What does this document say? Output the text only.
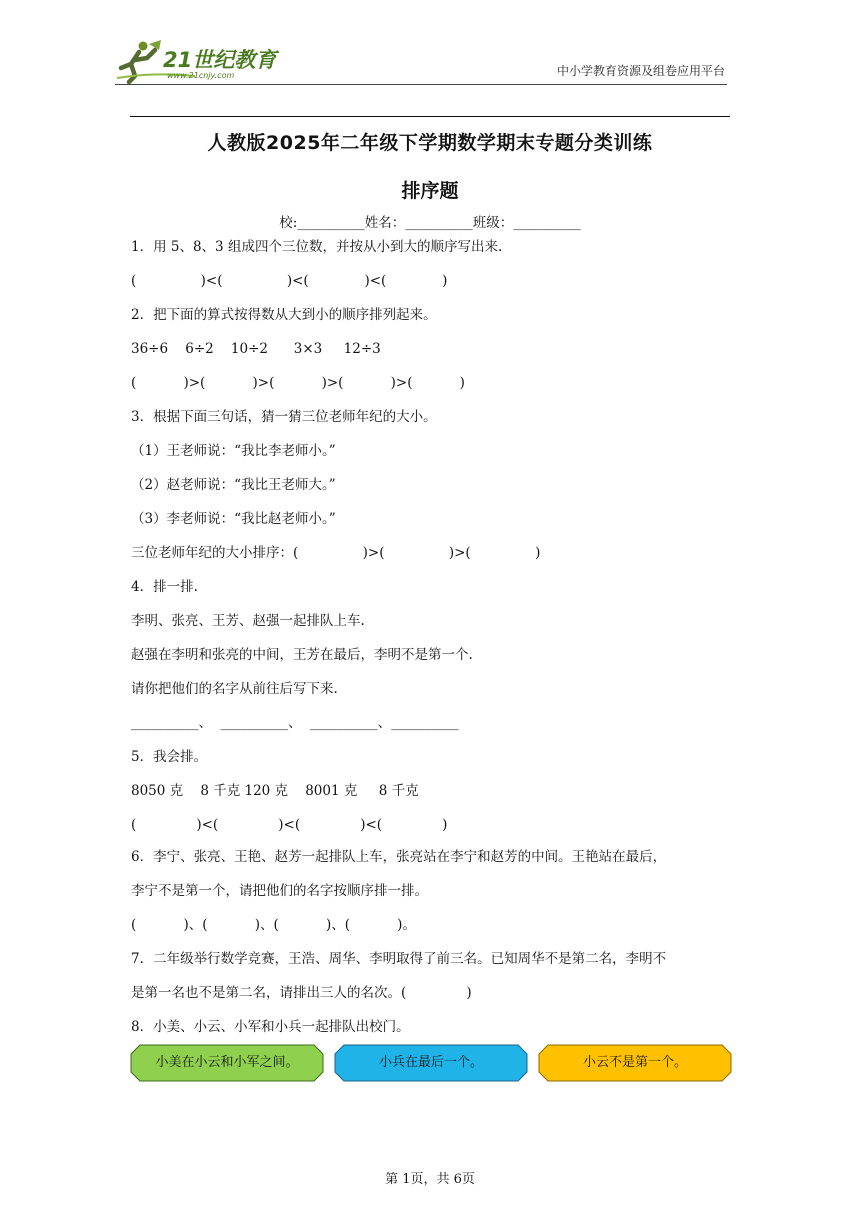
21世纪教育
www.21cnjy.com	中小学教育资源及组卷应用平台
人教版2025年二年级下学期数学期末专题分类训练
排序题
校:__________姓名：__________班级：__________
1．用 5、8、3 组成四个三位数，并按从小到大的顺序写出来.
(               )<(               )<(             )<(             )
2．把下面的算式按得数从大到小的顺序排列起来。
36÷6    6÷2    10÷2      3×3     12÷3
(           )>(           )>(           )>(           )>(           )
3．根据下面三句话，猜一猜三位老师年纪的大小。
（1）王老师说：“我比李老师小。”
（2）赵老师说：“我比王老师大。”
（3）李老师说：“我比赵老师小。”
三位老师年纪的大小排序：(               )>(               )>(               )
4．排一排.
李明、张亮、王芳、赵强一起排队上车.
赵强在李明和张亮的中间，王芳在最后，李明不是第一个.
请你把他们的名字从前往后写下来.
__________、  __________、  __________、__________
5．我会排。
8050 克    8 千克 120 克    8001 克     8 千克
(              )<(              )<(              )<(              )
6．李宁、张亮、王艳、赵芳一起排队上车，张亮站在李宁和赵芳的中间。王艳站在最后，
李宁不是第一个，请把他们的名字按顺序排一排。
(           )、(           )、(           )、(           )。
7．二年级举行数学竞赛，王浩、周华、李明取得了前三名。已知周华不是第二名，李明不
是第一名也不是第二名，请排出三人的名次。(              )
8．小美、小云、小军和小兵一起排队出校门。
小美在小云和小军之间。	小兵在最后一个。	小云不是第一个。
第 1页，共 6页
